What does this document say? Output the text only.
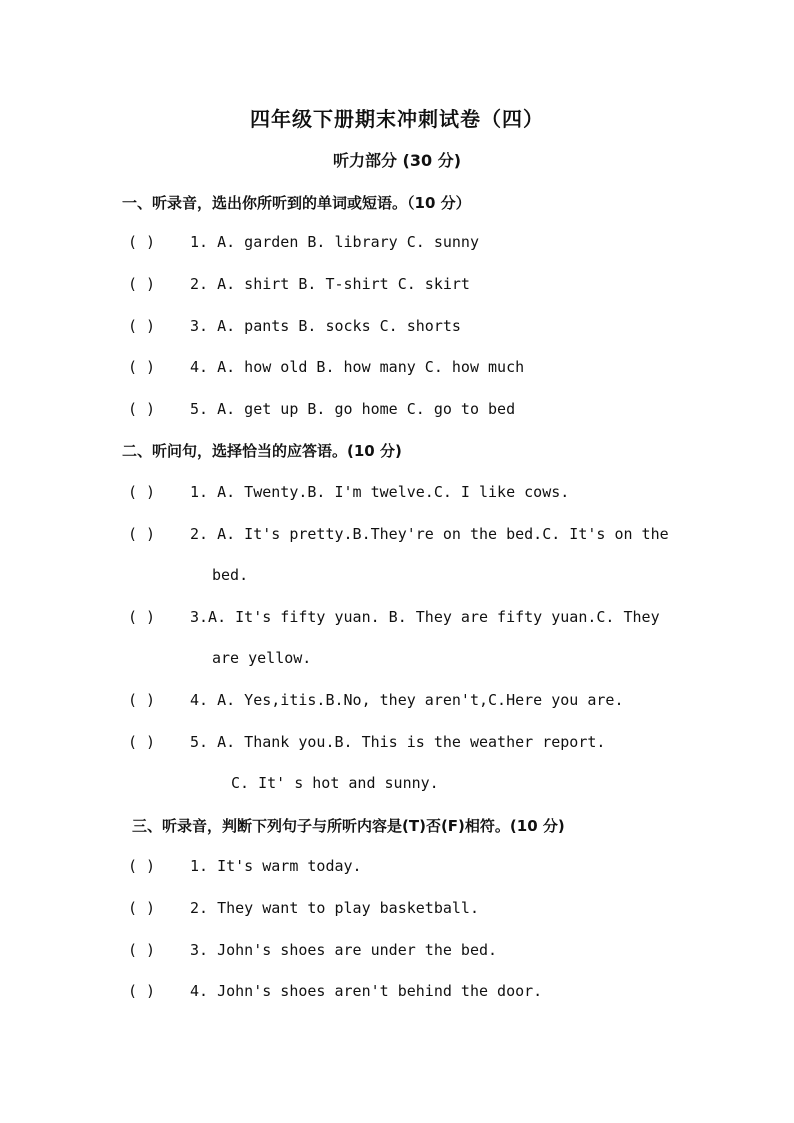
四年级下册期末冲刺试卷（四）
听力部分 (30 分)
一、听录音，选出你所听到的单词或短语。（10 分）
( ) 1. A. garden B. library C. sunny
( ) 2. A. shirt B. T-shirt C. skirt
( ) 3. A. pants B. socks C. shorts
( ) 4. A. how old B. how many C. how much
( ) 5. A. get up B. go home C. go to bed
二、听问句，选择恰当的应答语。(10 分)
( ) 1. A. Twenty.B. I'm twelve.C. I like cows.
( ) 2. A. It's pretty.B.They're on the bed.C. It's on the
bed.
( ) 3.A. It's fifty yuan. B. They are fifty yuan.C. They
are yellow.
( ) 4. A. Yes,itis.B.No, they aren't,C.Here you are.
( ) 5. A. Thank you.B. This is the weather report.
C. It' s hot and sunny.
三、听录音，判断下列句子与所听内容是(T)否(F)相符。(10 分)
( ) 1. It's warm today.
( ) 2. They want to play basketball.
( ) 3. John's shoes are under the bed.
( ) 4. John's shoes aren't behind the door.
